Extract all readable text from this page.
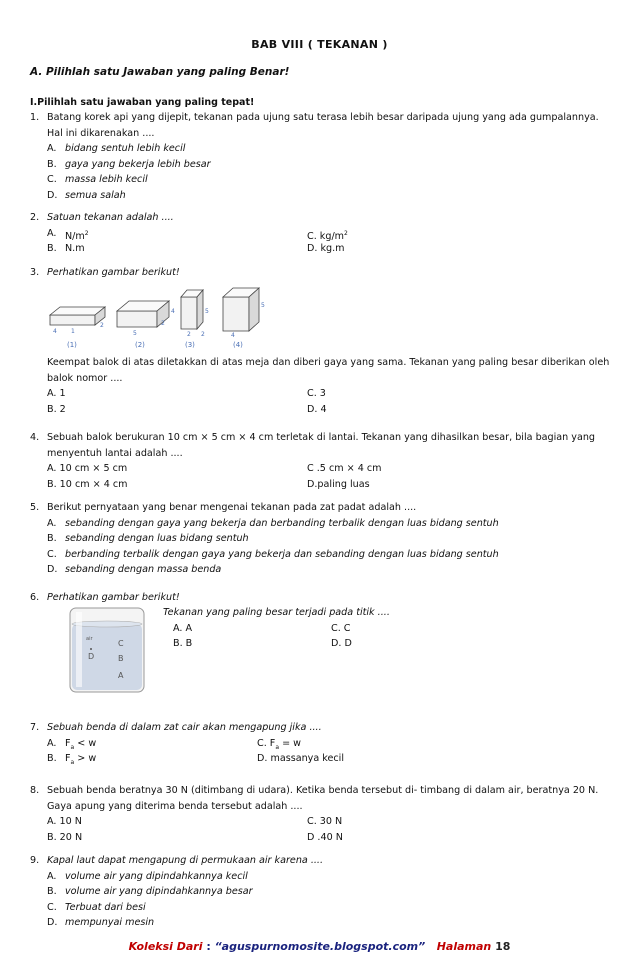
BAB VIII ( TEKANAN )
A. Pilihlah satu Jawaban yang paling Benar!
I.Pilihlah satu jawaban yang paling tepat!
1. Batang korek api yang dijepit, tekanan pada ujung satu terasa lebih besar daripada ujung yang ada gumpalannya. Hal ini dikarenakan ....
A. bidang sentuh lebih kecil
B. gaya yang bekerja lebih besar
C. massa lebih kecil
D. semua salah
2. Satuan tekanan adalah ....
A. $N/m^2$	C. $kg/m^2$
B. N.m	D. kg.m
3. Perhatikan gambar berikut!
1
2
4
2
5
4
2
5
2	4
5
(1)	(2)	(3)	(4)
Keempat balok di atas diletakkan di atas meja dan diberi gaya yang sama. Tekanan yang paling besar diberikan oleh balok nomor ....
A. 1	C. 3
B. 2	D. 4
4. Sebuah balok berukuran 10 cm × 5 cm × 4 cm terletak di lantai. Tekanan yang dihasilkan besar, bila bagian yang menyentuh lantai adalah ....
A. 10 cm × 5 cm	C .5 cm × 4 cm
B. 10 cm × 4 cm	D.paling luas
5. Berikut pernyataan yang benar mengenai tekanan pada zat padat adalah ....
A. sebanding dengan gaya yang bekerja dan berbanding terbalik dengan luas bidang sentuh
B. sebanding dengan luas bidang sentuh
C. berbanding terbalik dengan gaya yang bekerja dan sebanding dengan luas bidang sentuh
D. sebanding dengan massa benda
6. Perhatikan gambar berikut!
Tekanan yang paling besar terjadi pada titik ....
A. A	C. C
B. B	D. D
air	C
D	B
A
7. Sebuah benda di dalam zat cair akan mengapung jika ....
A. $F_a < w$	C. $F_a = w$
B. $F_a > w$	D. massanya kecil
8. Sebuah benda beratnya 30 N (ditimbang di udara). Ketika benda tersebut di- timbang di dalam air, beratnya 20 N. Gaya apung yang diterima benda tersebut adalah ....
A. 10 N	C. 30 N
B. 20 N	D .40 N
9. Kapal laut dapat mengapung di permukaan air karena ....
A. volume air yang dipindahkannya kecil
B. volume air yang dipindahkannya besar
C. Terbuat dari besi
D. mempunyai mesin
Koleksi Dari : “aguspurnomosite.blogspot.com” Halaman 18
